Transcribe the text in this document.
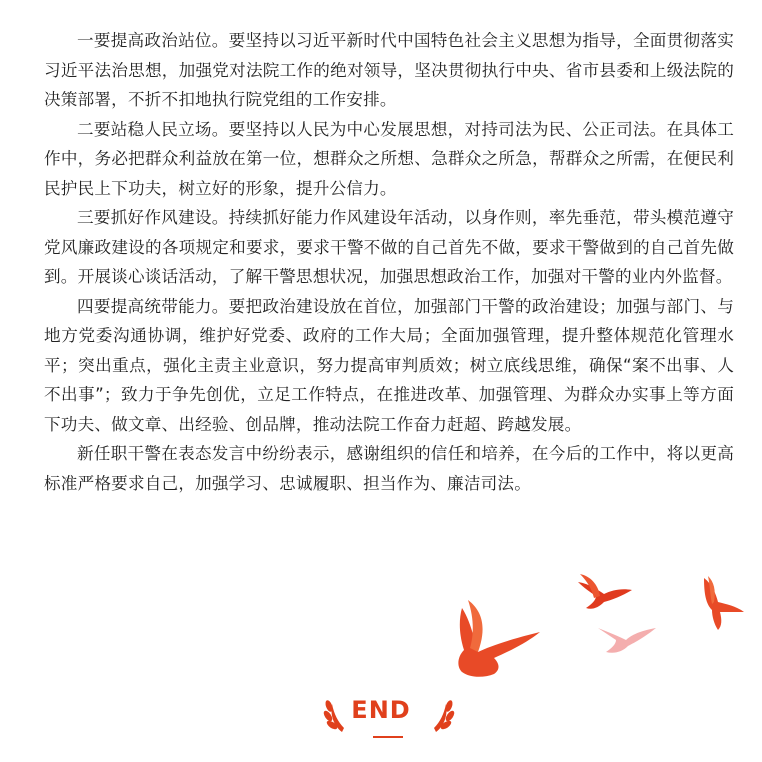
一要提高政治站位。要坚持以习近平新时代中国特色社会主义思想为指导，全面贯彻落实习近平法治思想，加强党对法院工作的绝对领导，坚决贯彻执行中央、省市县委和上级法院的决策部署，不折不扣地执行院党组的工作安排。

二要站稳人民立场。要坚持以人民为中心发展思想，对持司法为民、公正司法。在具体工作中，务必把群众利益放在第一位，想群众之所想、急群众之所急，帮群众之所需，在便民利民护民上下功夫，树立好的形象，提升公信力。

三要抓好作风建设。持续抓好能力作风建设年活动，以身作则，率先垂范，带头模范遵守党风廉政建设的各项规定和要求，要求干警不做的自己首先不做，要求干警做到的自己首先做到。开展谈心谈话活动，了解干警思想状况，加强思想政治工作，加强对干警的业内外监督。

四要提高统带能力。要把政治建设放在首位，加强部门干警的政治建设；加强与部门、与地方党委沟通协调，维护好党委、政府的工作大局；全面加强管理，提升整体规范化管理水平；突出重点，强化主责主业意识，努力提高审判质效；树立底线思维，确保“案不出事、人不出事”；致力于争先创优，立足工作特点，在推进改革、加强管理、为群众办实事上等方面下功夫、做文章、出经验、创品牌，推动法院工作奋力赶超、跨越发展。

新任职干警在表态发言中纷纷表示，感谢组织的信任和培养，在今后的工作中，将以更高标准严格要求自己，加强学习、忠诚履职、担当作为、廉洁司法。

END
